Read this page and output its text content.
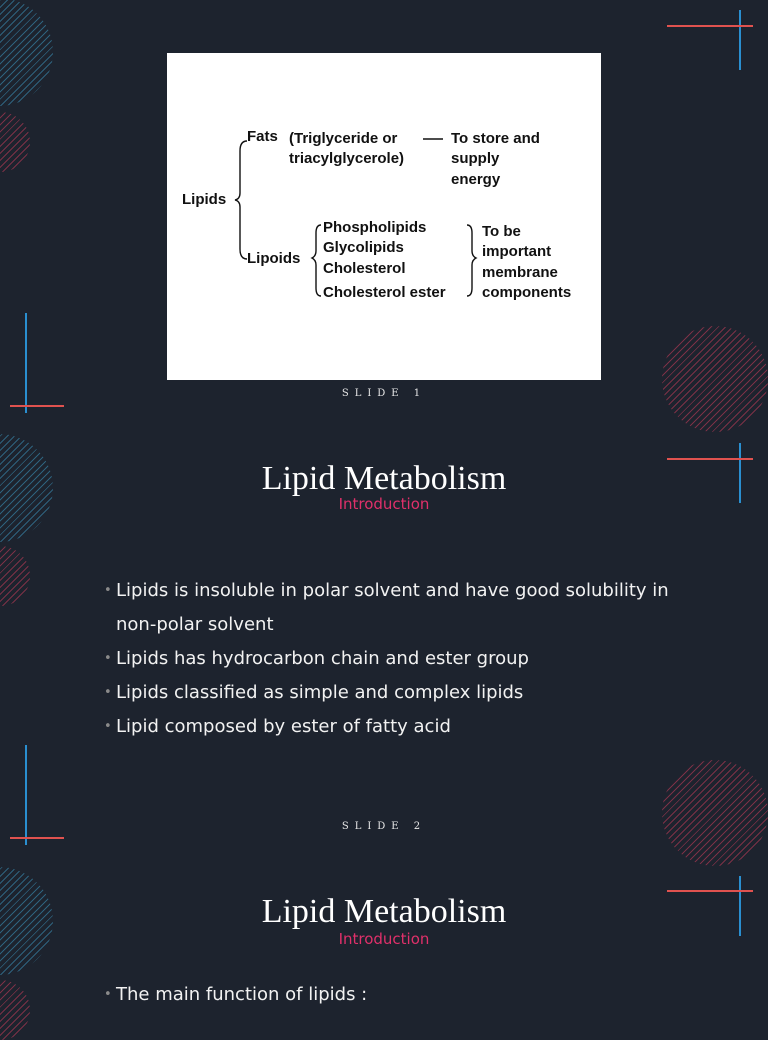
Lipids
Fats (Triglyceride or
triacylglycerole)
To store and
supply
energy
Lipoids
Phospholipids
Glycolipids
Cholesterol
Cholesterol ester
To be
important
membrane
components
SLIDE 1
Lipid Metabolism
Introduction
• Lipids is insoluble in polar solvent and have good solubility in non-polar solvent
• Lipids has hydrocarbon chain and ester group
• Lipids classified as simple and complex lipids
• Lipid composed by ester of fatty acid
SLIDE 2
Lipid Metabolism
Introduction
• The main function of lipids :
